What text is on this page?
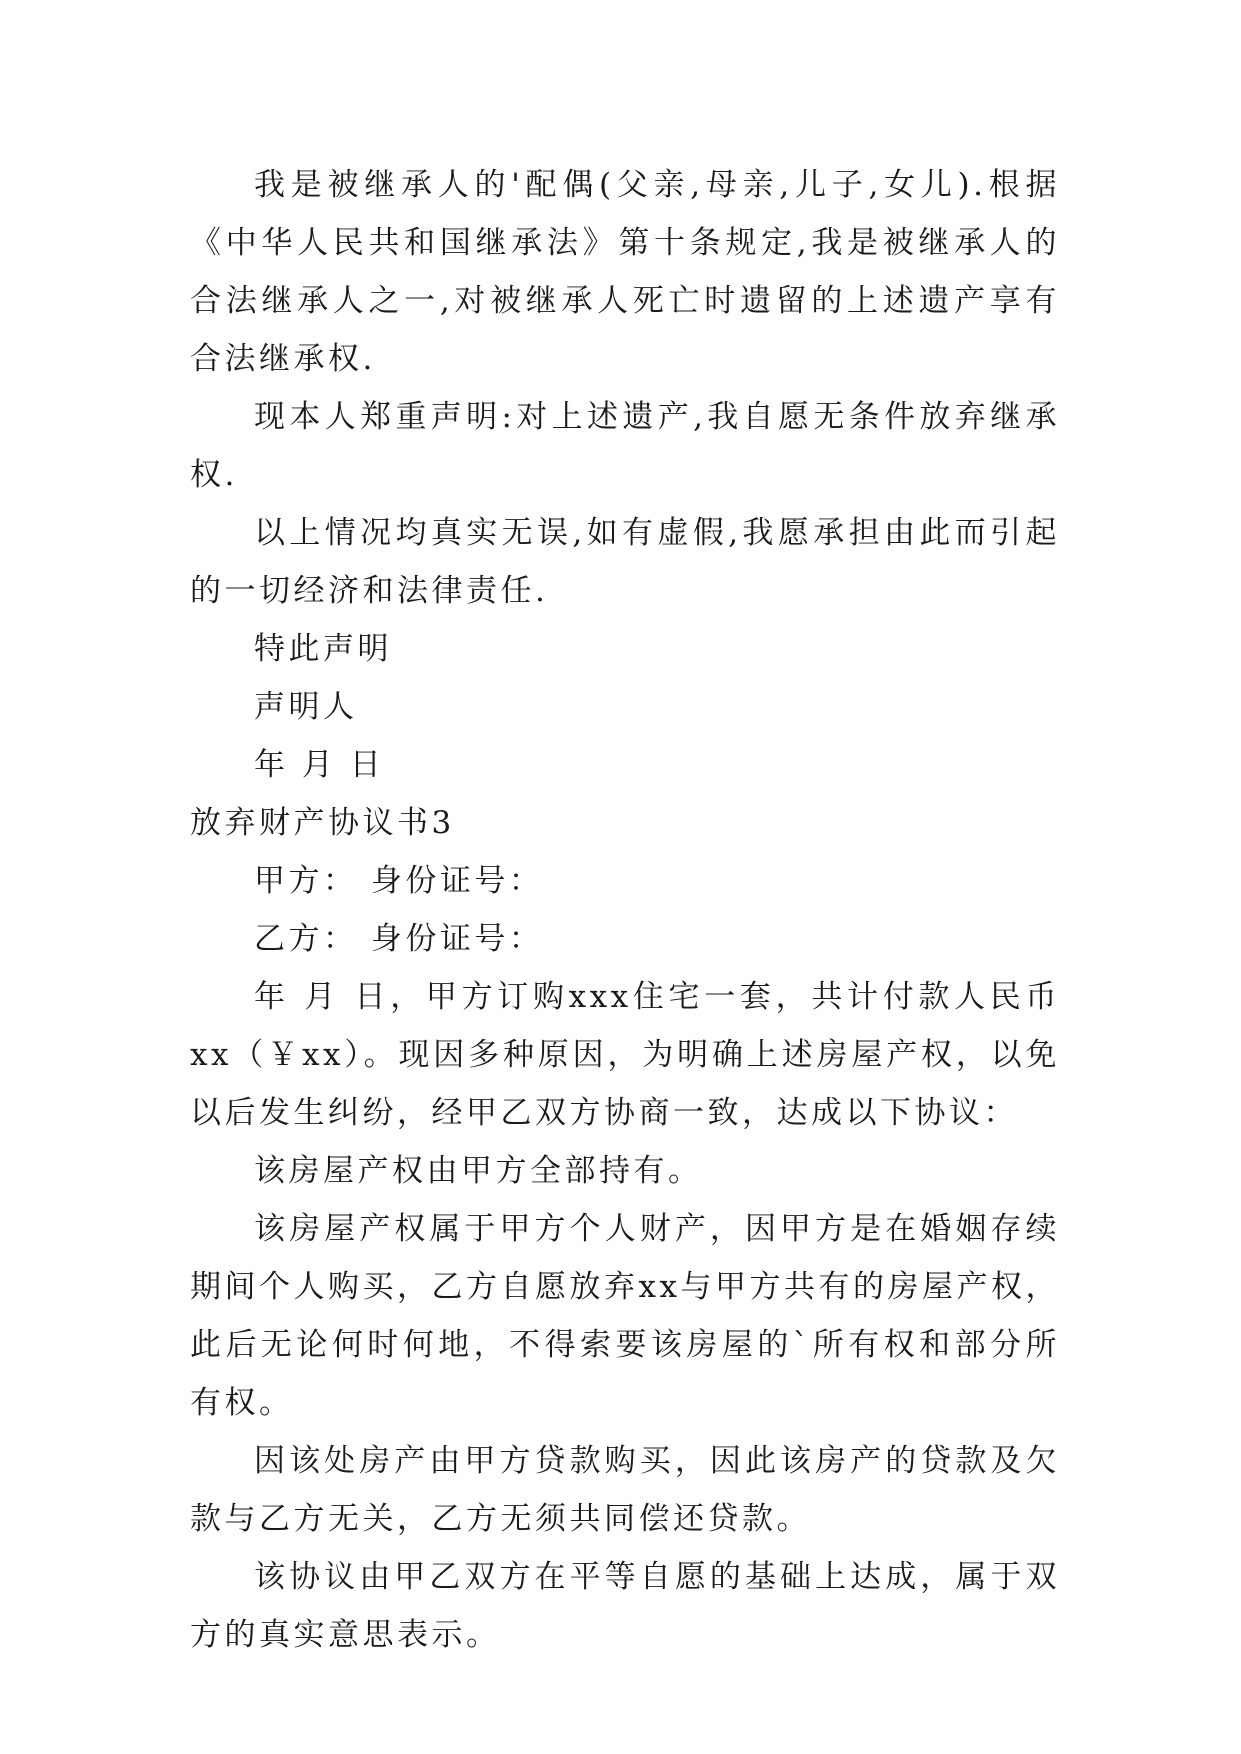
我是被继承人的'配偶(父亲,母亲,儿子,女儿).根据《中华人民共和国继承法》第十条规定,我是被继承人的合法继承人之一,对被继承人死亡时遗留的上述遗产享有合法继承权.

现本人郑重声明:对上述遗产,我自愿无条件放弃继承权.

以上情况均真实无误,如有虚假,我愿承担由此而引起的一切经济和法律责任.

特此声明

声明人

年 月 日

放弃财产协议书3

甲方： 身份证号：

乙方： 身份证号：

年 月 日，甲方订购xxx住宅一套，共计付款人民币xx（￥xx）。现因多种原因，为明确上述房屋产权，以免以后发生纠纷，经甲乙双方协商一致，达成以下协议：

该房屋产权由甲方全部持有。

该房屋产权属于甲方个人财产，因甲方是在婚姻存续期间个人购买，乙方自愿放弃xx与甲方共有的房屋产权，此后无论何时何地，不得索要该房屋的`所有权和部分所有权。

因该处房产由甲方贷款购买，因此该房产的贷款及欠款与乙方无关，乙方无须共同偿还贷款。

该协议由甲乙双方在平等自愿的基础上达成，属于双方的真实意思表示。
